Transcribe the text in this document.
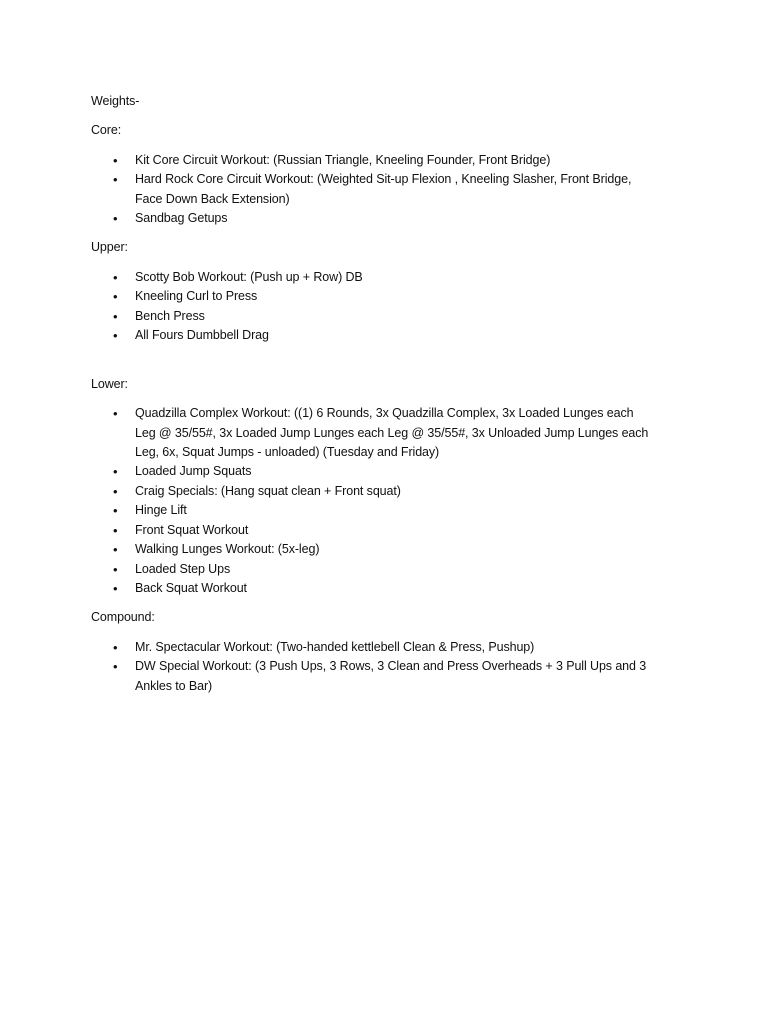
Weights-

Core:

• Kit Core Circuit Workout: (Russian Triangle, Kneeling Founder, Front Bridge)
• Hard Rock Core Circuit Workout: (Weighted Sit-up Flexion , Kneeling Slasher, Front Bridge, Face Down Back Extension)
• Sandbag Getups

Upper:

• Scotty Bob Workout: (Push up + Row) DB
• Kneeling Curl to Press
• Bench Press
• All Fours Dumbbell Drag

Lower:

• Quadzilla Complex Workout: ((1) 6 Rounds, 3x Quadzilla Complex, 3x Loaded Lunges each Leg @ 35/55#, 3x Loaded Jump Lunges each Leg @ 35/55#, 3x Unloaded Jump Lunges each Leg, 6x, Squat Jumps - unloaded) (Tuesday and Friday)
• Loaded Jump Squats
• Craig Specials: (Hang squat clean + Front squat)
• Hinge Lift
• Front Squat Workout
• Walking Lunges Workout: (5x-leg)
• Loaded Step Ups
• Back Squat Workout

Compound:

• Mr. Spectacular Workout: (Two-handed kettlebell Clean & Press, Pushup)
• DW Special Workout: (3 Push Ups, 3 Rows, 3 Clean and Press Overheads + 3 Pull Ups and 3 Ankles to Bar)
